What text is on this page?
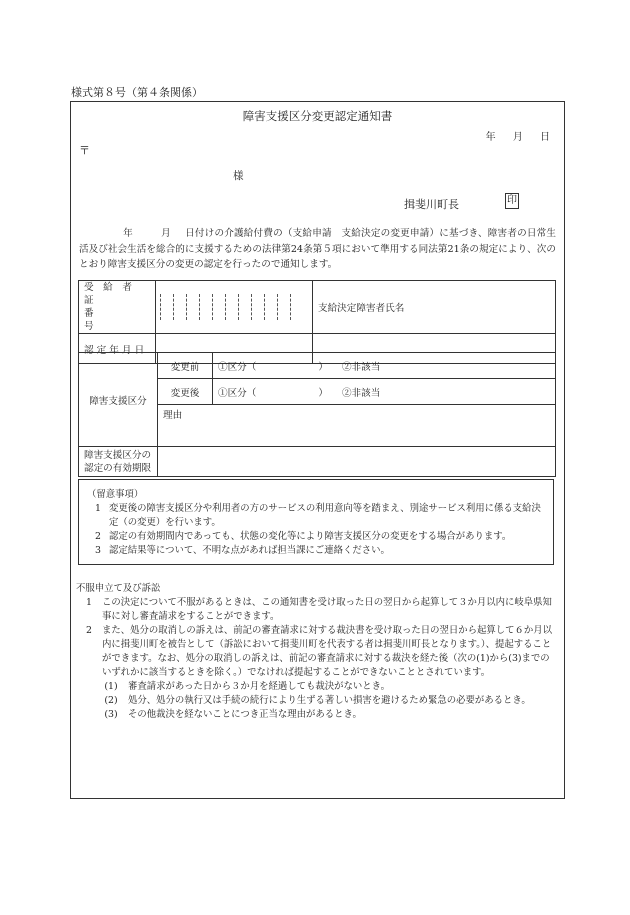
様式第８号（第４条関係）
障害支援区分変更認定通知書
年 月 日
〒
様
揖斐川町長	印
年	月 日付けの介護給付費の（支給申請　支給決定の変更申請）に基づき、障害者の日常生活及び社会生活を総合的に支援するための法律第24条第５項において準用する同法第21条の規定により、次のとおり障害支援区分の変更の認定を行ったので通知します。
受　給　者　証
番　　　　　号		支給決定障害者氏名
認 定 年 月 日		
障害支援区分	変更前	①区分（ ） ②非該当
	変更後	①区分（ ） ②非該当
	理由	

障害支援区分の
認定の有効期限		

（留意事項）
1 変更後の障害支援区分や利用者の方のサービスの利用意向等を踏まえ、別途サービス利用に係る支給決定（の変更）を行います。
2 認定の有効期間内であっても、状態の変化等により障害支援区分の変更をする場合があります。
3 認定結果等について、不明な点があれば担当課にご連絡ください。
不服申立て及び訴訟
1	この決定について不服があるときは、この通知書を受け取った日の翌日から起算して３か月以内に岐阜県知事に対し審査請求をすることができます。
2	また、処分の取消しの訴えは、前記の審査請求に対する裁決書を受け取った日の翌日から起算して６か月以内に揖斐川町を被告として（訴訟において揖斐川町を代表する者は揖斐川町長となります。）、提起することができます。なお、処分の取消しの訴えは、前記の審査請求に対する裁決を経た後（次の(1)から(3)までのいずれかに該当するときを除く。）でなければ提起することができないこととされています。
(1)	審査請求があった日から３か月を経過しても裁決がないとき。
(2)	処分、処分の執行又は手続の続行により生ずる著しい損害を避けるため緊急の必要があるとき。
(3)	その他裁決を経ないことにつき正当な理由があるとき。
